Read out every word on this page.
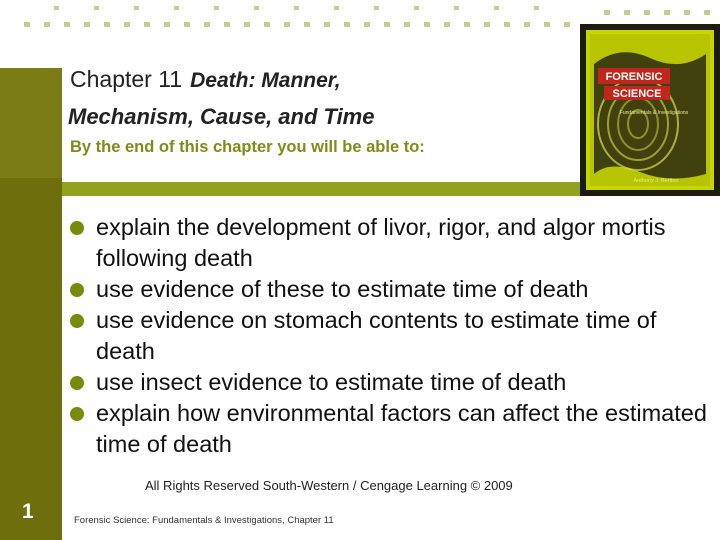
Chapter 11 Death: Manner,
Mechanism, Cause, and Time
By the end of this chapter you will be able to:
FORENSIC
SCIENCE
Fundamentals & Investigations
Anthony J. Bertino
explain the development of livor, rigor, and algor mortis following death
use evidence of these to estimate time of death
use evidence on stomach contents to estimate time of death
use insect evidence to estimate time of death
explain how environmental factors can affect the estimated time of death
All Rights Reserved South-Western / Cengage Learning © 2009
1	Forensic Science: Fundamentals & Investigations, Chapter 11
